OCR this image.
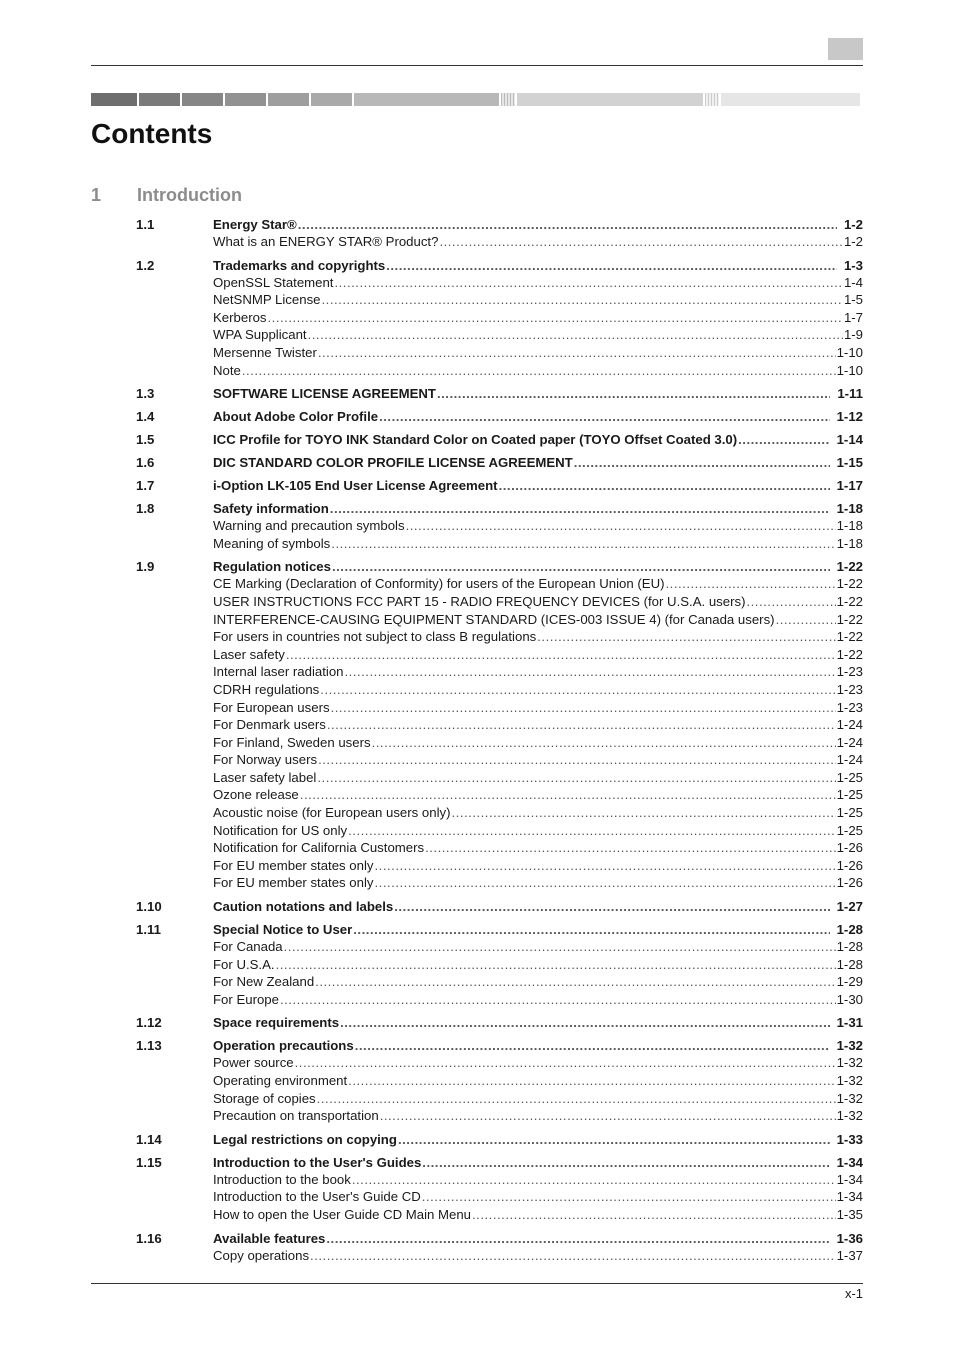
Contents
1	Introduction
1.1	Energy Star® .....	1-2
What is an ENERGY STAR® Product? .....	1-2
1.2	Trademarks and copyrights .....	1-3
OpenSSL Statement .....	1-4
NetSNMP License .....	1-5
Kerberos .....	1-7
WPA Supplicant .....	1-9
Mersenne Twister .....	1-10
Note .....	1-10
1.3	SOFTWARE LICENSE AGREEMENT .....	1-11
1.4	About Adobe Color Profile .....	1-12
1.5	ICC Profile for TOYO INK Standard Color on Coated paper (TOYO Offset Coated 3.0) .....	1-14
1.6	DIC STANDARD COLOR PROFILE LICENSE AGREEMENT .....	1-15
1.7	i-Option LK-105 End User License Agreement .....	1-17
1.8	Safety information .....	1-18
Warning and precaution symbols .....	1-18
Meaning of symbols .....	1-18
1.9	Regulation notices .....	1-22
CE Marking (Declaration of Conformity) for users of the European Union (EU) .....	1-22
USER INSTRUCTIONS FCC PART 15 - RADIO FREQUENCY DEVICES (for U.S.A. users) .....	1-22
INTERFERENCE-CAUSING EQUIPMENT STANDARD (ICES-003 ISSUE 4) (for Canada users) .....	1-22
For users in countries not subject to class B regulations .....	1-22
Laser safety .....	1-22
Internal laser radiation .....	1-23
CDRH regulations .....	1-23
For European users .....	1-23
For Denmark users .....	1-24
For Finland, Sweden users .....	1-24
For Norway users .....	1-24
Laser safety label .....	1-25
Ozone release .....	1-25
Acoustic noise (for European users only) .....	1-25
Notification for US only .....	1-25
Notification for California Customers .....	1-26
For EU member states only .....	1-26
For EU member states only .....	1-26
1.10	Caution notations and labels .....	1-27
1.11	Special Notice to User .....	1-28
For Canada .....	1-28
For U.S.A. .....	1-28
For New Zealand .....	1-29
For Europe .....	1-30
1.12	Space requirements .....	1-31
1.13	Operation precautions .....	1-32
Power source .....	1-32
Operating environment .....	1-32
Storage of copies .....	1-32
Precaution on transportation .....	1-32
1.14	Legal restrictions on copying .....	1-33
1.15	Introduction to the User's Guides .....	1-34
Introduction to the book .....	1-34
Introduction to the User's Guide CD .....	1-34
How to open the User Guide CD Main Menu .....	1-35
1.16	Available features .....	1-36
Copy operations .....	1-37
x-1
